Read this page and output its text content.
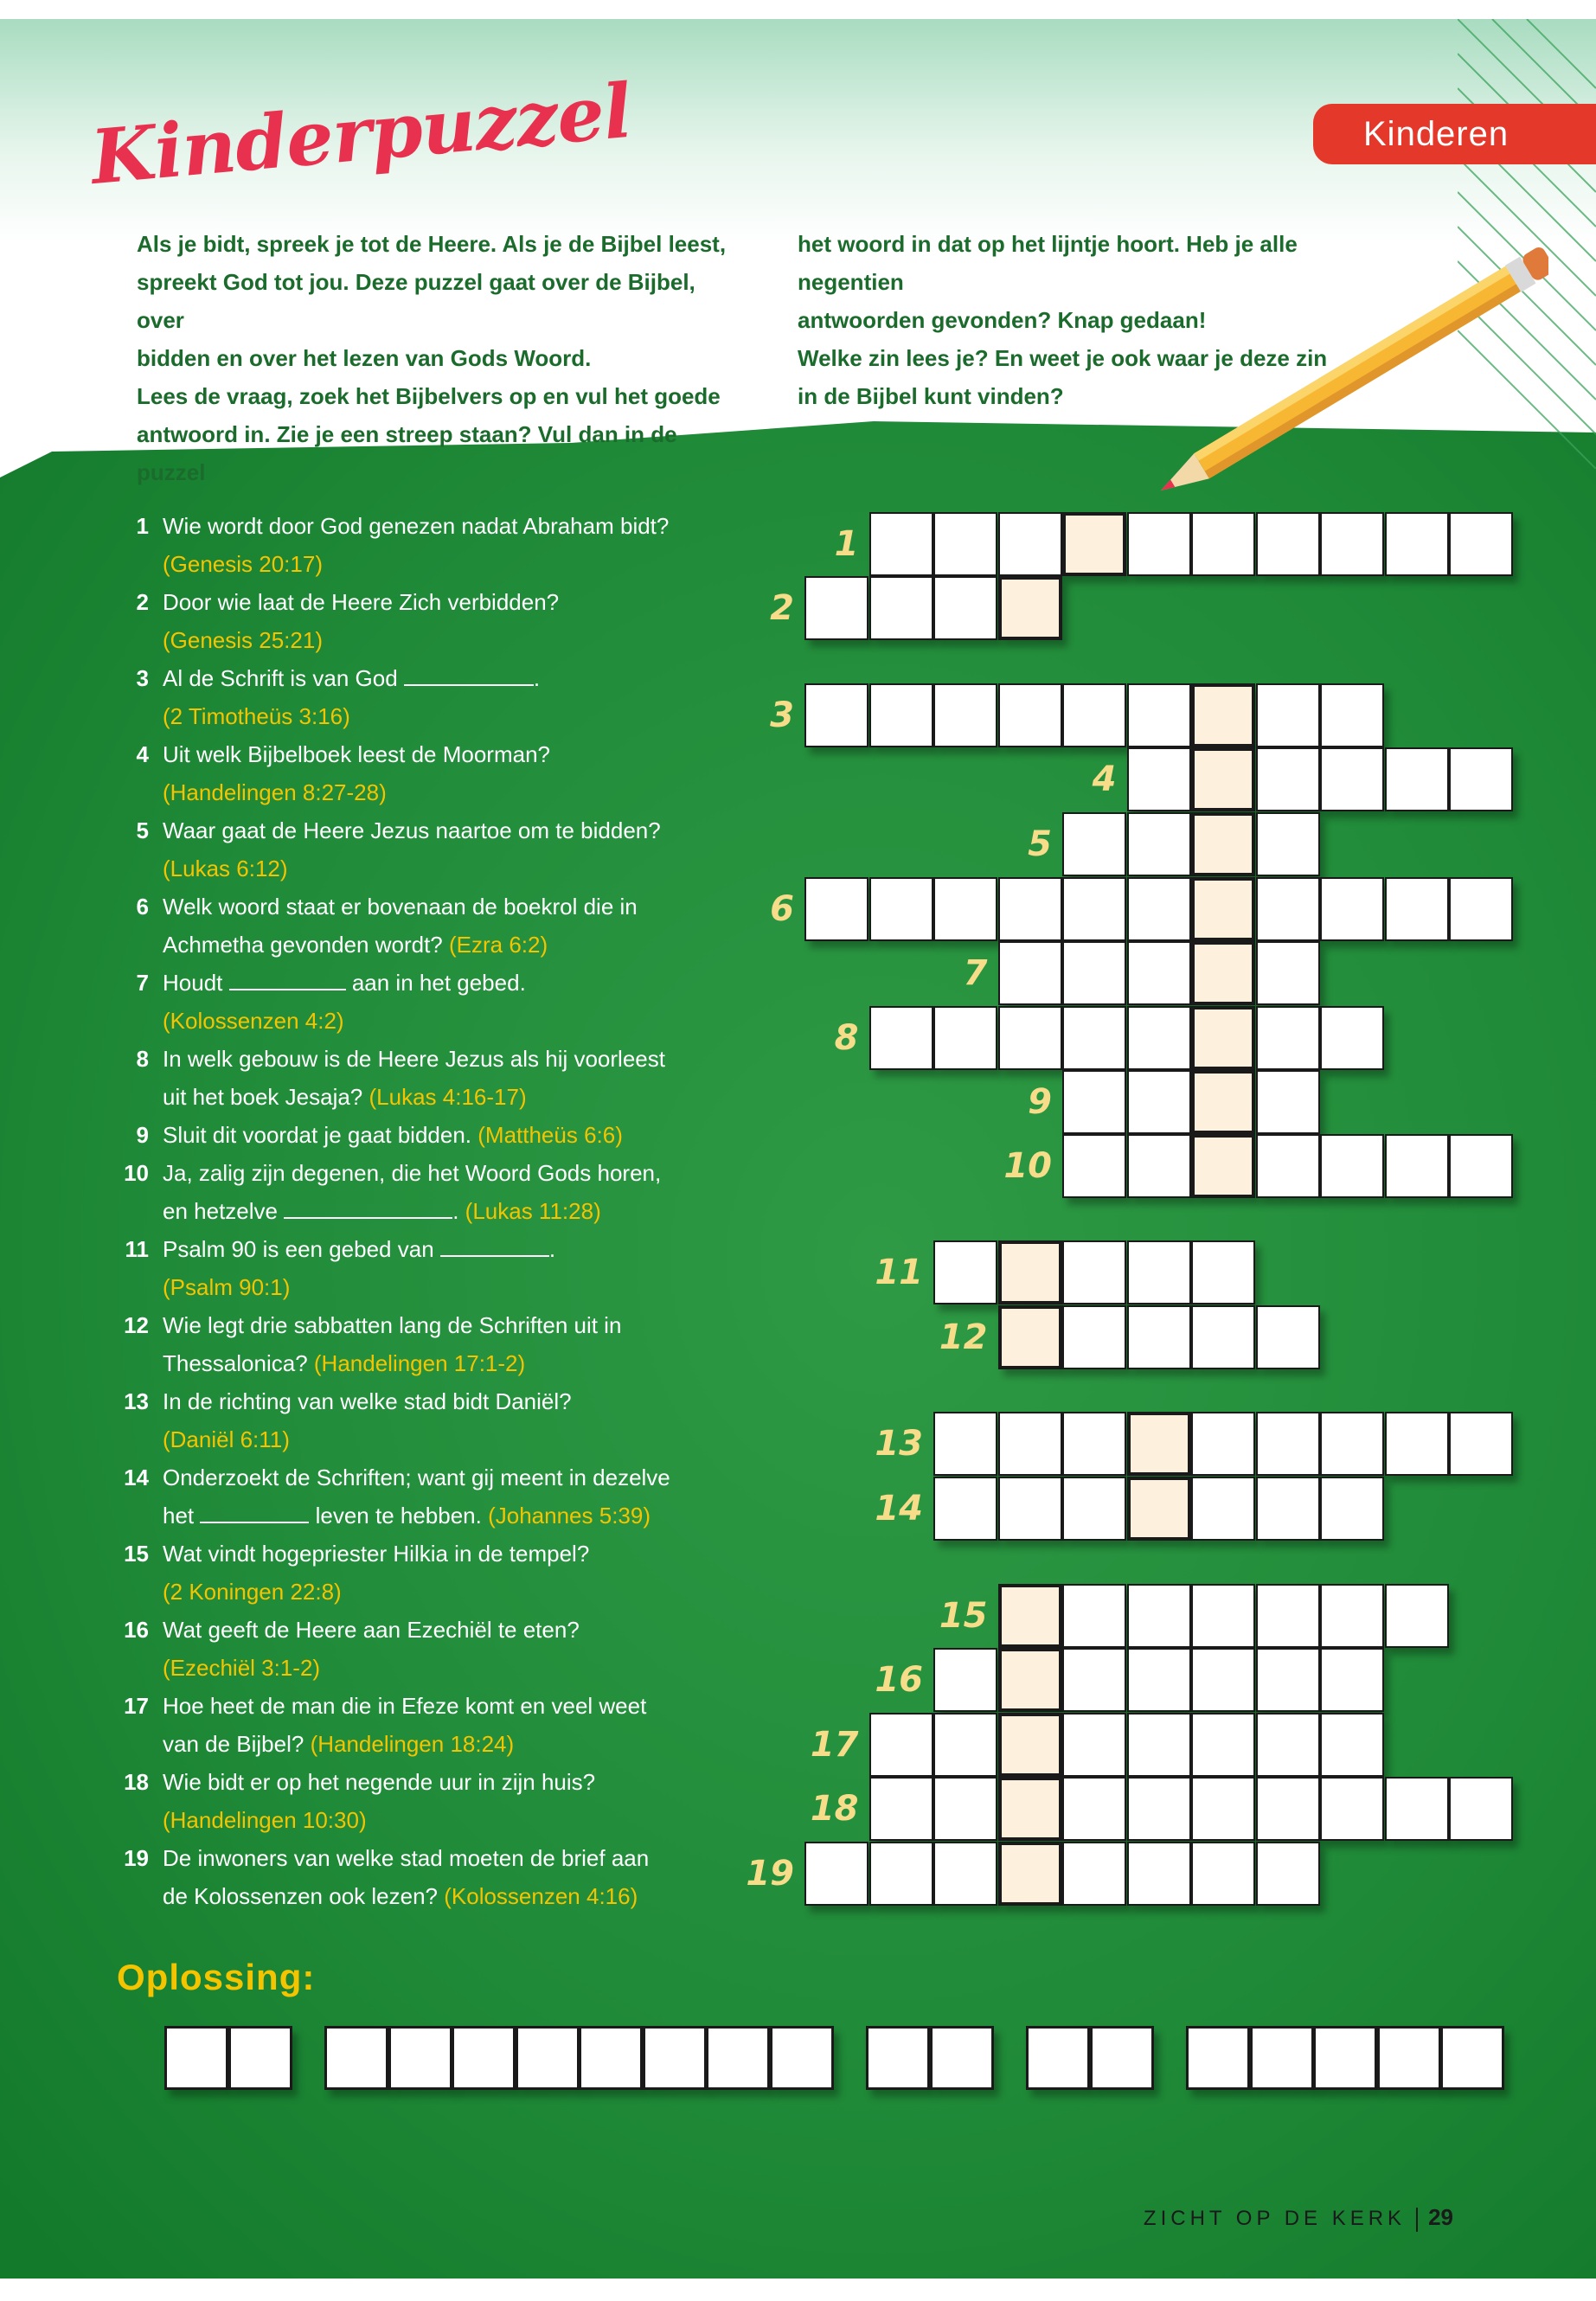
Kinderpuzzel	Kinderen

Als je bidt, spreek je tot de Heere. Als je de Bijbel leest,

spreekt God tot jou. Deze puzzel gaat over de Bijbel, over

bidden en over het lezen van Gods Woord.

Lees de vraag, zoek het Bijbelvers op en vul het goede

antwoord in. Zie je een streep staan? Vul dan in de puzzel

het woord in dat op het lijntje hoort. Heb je alle negentien

antwoorden gevonden? Knap gedaan!

Welke zin lees je? En weet je ook waar je deze zin

in de Bijbel kunt vinden?

1 Wie wordt door God genezen nadat Abraham bidt?
(Genesis 20:17)
2 Door wie laat de Heere Zich verbidden?
(Genesis 25:21)
3 Al de Schrift is van God	.
(2 Timotheüs 3:16)
4 Uit welk Bijbelboek leest de Moorman?
(Handelingen 8:27-28)
5 Waar gaat de Heere Jezus naartoe om te bidden?
(Lukas 6:12)
6 Welk woord staat er bovenaan de boekrol die in
Achmetha gevonden wordt? (Ezra 6:2)
7 Houdt	aan in het gebed.
(Kolossenzen 4:2)
8 In welk gebouw is de Heere Jezus als hij voorleest
uit het boek Jesaja? (Lukas 4:16-17)
9 Sluit dit voordat je gaat bidden. (Mattheüs 6:6)
10 Ja, zalig zijn degenen, die het Woord Gods horen,
en hetzelve	. (Lukas 11:28)
11 Psalm 90 is een gebed van	.
(Psalm 90:1)
12 Wie legt drie sabbatten lang de Schriften uit in
Thessalonica? (Handelingen 17:1-2)
13 In de richting van welke stad bidt Daniël?
(Daniël 6:11)
14 Onderzoekt de Schriften; want gij meent in dezelve
het	leven te hebben. (Johannes 5:39)
15 Wat vindt hogepriester Hilkia in de tempel?
(2 Koningen 22:8)
16 Wat geeft de Heere aan Ezechiël te eten?
(Ezechiël 3:1-2)
17 Hoe heet de man die in Efeze komt en veel weet
van de Bijbel? (Handelingen 18:24)
18 Wie bidt er op het negende uur in zijn huis?
(Handelingen 10:30)
19 De inwoners van welke stad moeten de brief aan
de Kolossenzen ook lezen? (Kolossenzen 4:16)
1
2
3
4
5
6
7
8
9
10
11
12
13
14
15
16
17
18
19
Oplossing:
ZICHT OP DE KERK 29
